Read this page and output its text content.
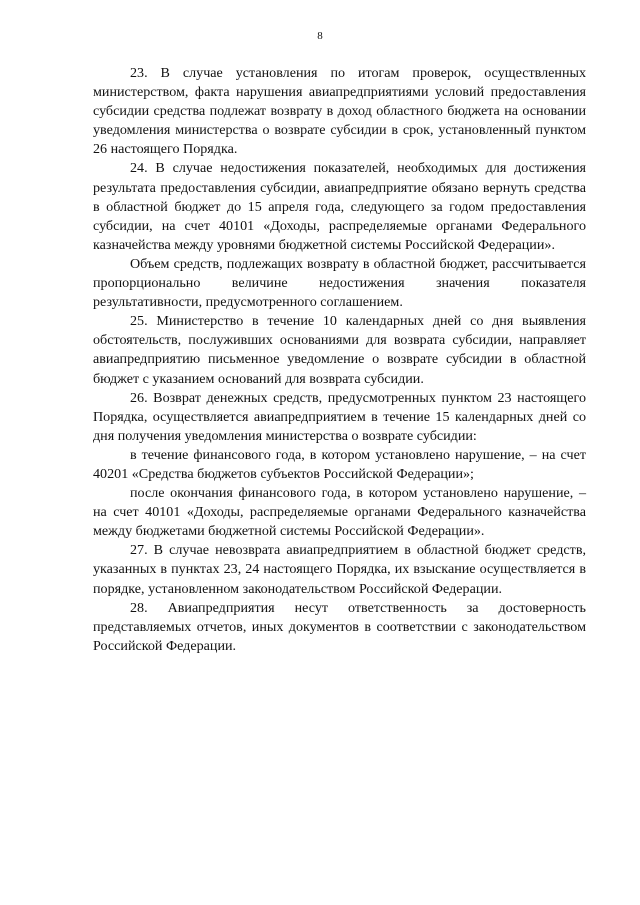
8

23. В случае установления по итогам проверок, осуществленных министерством, факта нарушения авиапредприятиями условий предоставления субсидии средства подлежат возврату в доход областного бюджета на основании уведомления министерства о возврате субсидии в срок, установленный пунктом 26 настоящего Порядка.

24. В случае недостижения показателей, необходимых для достижения результата предоставления субсидии, авиапредприятие обязано вернуть средства в областной бюджет до 15 апреля года, следующего за годом предоставления субсидии, на счет 40101 «Доходы, распределяемые органами Федерального казначейства между уровнями бюджетной системы Российской Федерации».

Объем средств, подлежащих возврату в областной бюджет, рассчитывается пропорционально величине недостижения значения показателя результативности, предусмотренного соглашением.

25. Министерство в течение 10 календарных дней со дня выявления обстоятельств, послуживших основаниями для возврата субсидии, направляет авиапредприятию письменное уведомление о возврате субсидии в областной бюджет с указанием оснований для возврата субсидии.

26. Возврат денежных средств, предусмотренных пунктом 23 настоящего Порядка, осуществляется авиапредприятием в течение 15 календарных дней со дня получения уведомления министерства о возврате субсидии:

в течение финансового года, в котором установлено нарушение, – на счет 40201 «Средства бюджетов субъектов Российской Федерации»;

после окончания финансового года, в котором установлено нарушение, – на счет 40101 «Доходы, распределяемые органами Федерального казначейства между бюджетами бюджетной системы Российской Федерации».

27. В случае невозврата авиапредприятием в областной бюджет средств, указанных в пунктах 23, 24 настоящего Порядка, их взыскание осуществляется в порядке, установленном законодательством Российской Федерации.

28. Авиапредприятия несут ответственность за достоверность представляемых отчетов, иных документов в соответствии с законодательством Российской Федерации.
